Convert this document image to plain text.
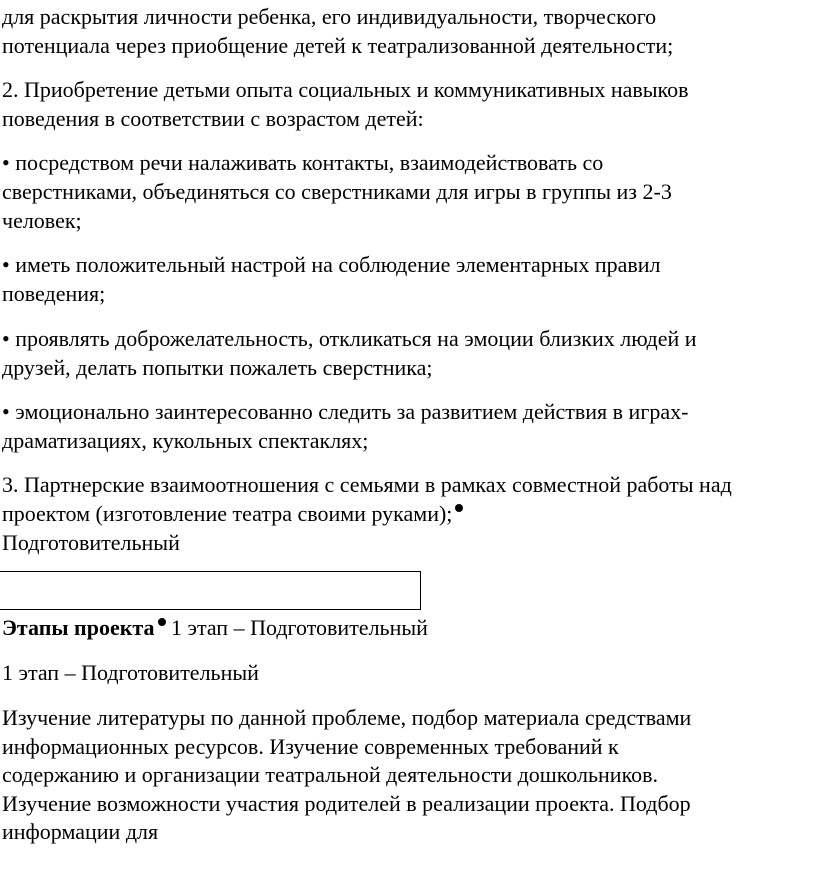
для раскрытия личности ребенка, его индивидуальности, творческого
потенциала через приобщение детей к театрализованной деятельности;

2. Приобретение детьми опыта социальных и коммуникативных навыков
поведения в соответствии с возрастом детей:

• посредством речи налаживать контакты, взаимодействовать со
сверстниками, объединяться со сверстниками для игры в группы из 2-3
человек;

• иметь положительный настрой на соблюдение элементарных правил
поведения;

• проявлять доброжелательность, откликаться на эмоции близких людей и
друзей, делать попытки пожалеть сверстника;

• эмоционально заинтересованно следить за развитием действия в играх-
драматизациях, кукольных спектаклях;

3. Партнерские взаимоотношения с семьями в рамках совместной работы над
проектом (изготовление театра своими руками);
Подготовительный

Этапы проекта 1 этап – Подготовительный

1 этап – Подготовительный

Изучение литературы по данной проблеме, подбор материала средствами
информационных ресурсов. Изучение современных требований к
содержанию и организации театральной деятельности дошкольников.
Изучение возможности участия родителей в реализации проекта. Подбор
информации для
